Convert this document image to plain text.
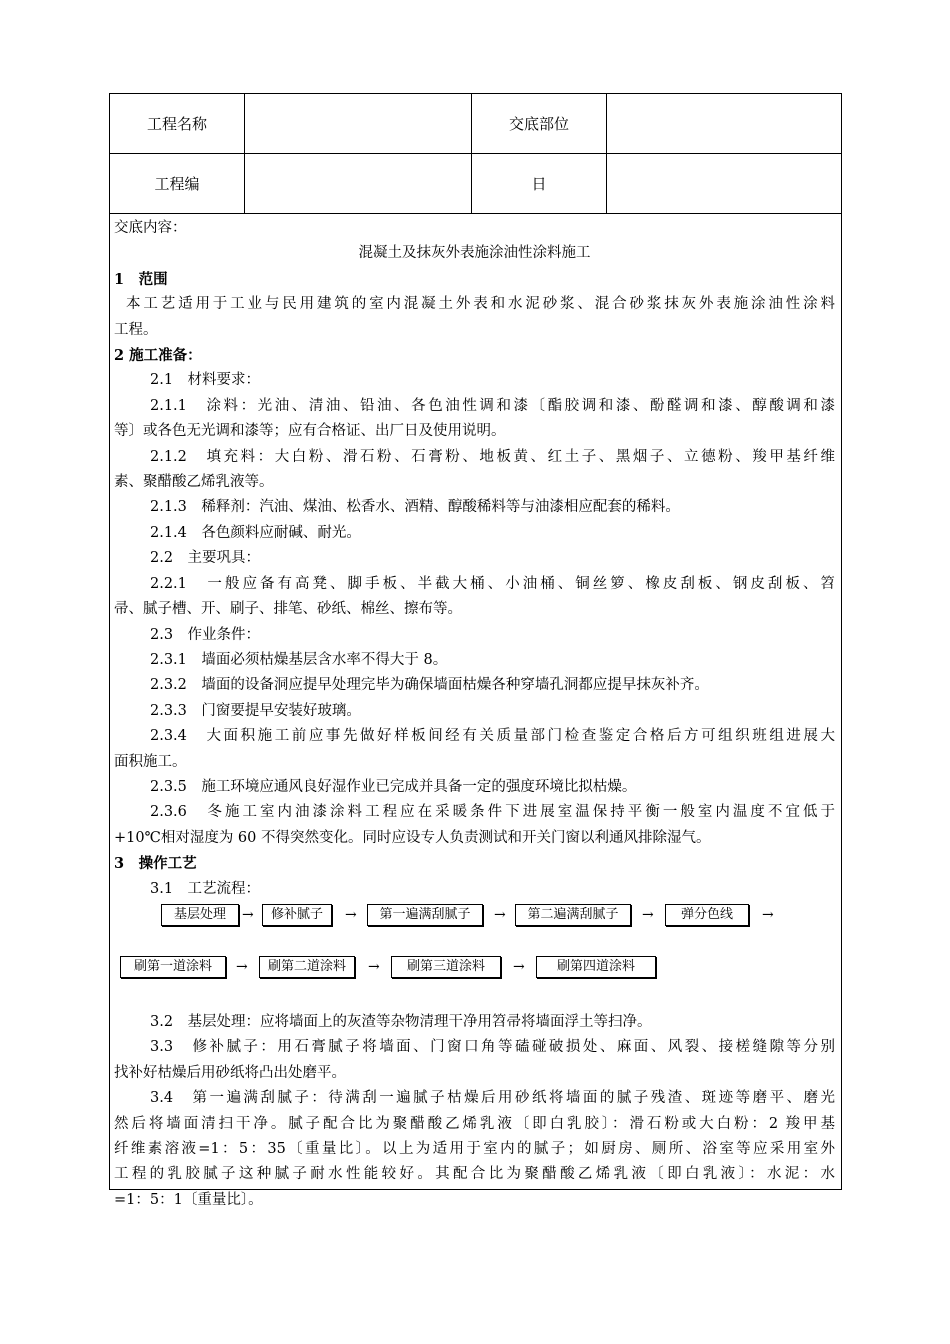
工程名称	交底部位
工程编	日
交底内容：
混凝土及抹灰外表施涂油性涂料施工
1　范围
本工艺适用于工业与民用建筑的室内混凝土外表和水泥砂浆、混合砂浆抹灰外表施涂油性涂料
工程。
2 施工准备：
2.1　材料要求：
2.1.1　涂料：光油、清油、铅油、各色油性调和漆〔酯胶调和漆、酚醛调和漆、醇酸调和漆
等〕或各色无光调和漆等；应有合格证、出厂日及使用说明。
2.1.2　填充料：大白粉、滑石粉、石膏粉、地板黄、红土子、黑烟子、立德粉、羧甲基纤维
素、聚醋酸乙烯乳液等。
2.1.3　稀释剂：汽油、煤油、松香水、酒精、醇酸稀料等与油漆相应配套的稀料。
2.1.4　各色颜料应耐碱、耐光。
2.2　主要巩具：
2.2.1　一般应备有高凳、脚手板、半截大桶、小油桶、铜丝箩、橡皮刮板、钢皮刮板、笤
帚、腻子槽、开、刷子、排笔、砂纸、棉丝、擦布等。
2.3　作业条件：
2.3.1　墙面必须枯燥基层含水率不得大于 8。
2.3.2　墙面的设备洞应提早处理完毕为确保墙面枯燥各种穿墙孔洞都应提早抹灰补齐。
2.3.3　门窗要提早安装好玻璃。
2.3.4　大面积施工前应事先做好样板间经有关质量部门检查鉴定合格后方可组织班组进展大
面积施工。
2.3.5　施工环境应通风良好湿作业已完成并具备一定的强度环境比拟枯燥。
2.3.6　冬施工室内油漆涂料工程应在采暖条件下进展室温保持平衡一般室内温度不宜低于
+10℃相对湿度为 60 不得突然变化。同时应设专人负责测试和开关门窗以利通风排除湿气。
3　操作工艺
3.1　工艺流程：
基层处理	→	修补腻子	→	第一遍满刮腻子	→	第二遍满刮腻子	→	弹分色线	→
刷第一道涂料	→	刷第二道涂料	→	刷第三道涂料	→	刷第四道涂料
3.2　基层处理：应将墙面上的灰渣等杂物清理干净用笤帚将墙面浮土等扫净。
3.3　修补腻子：用石膏腻子将墙面、门窗口角等磕碰破损处、麻面、风裂、接槎缝隙等分别
找补好枯燥后用砂纸将凸出处磨平。
3.4　第一遍满刮腻子：待满刮一遍腻子枯燥后用砂纸将墙面的腻子残渣、斑迹等磨平、磨光
然后将墙面清扫干净。腻子配合比为聚醋酸乙烯乳液〔即白乳胶〕：滑石粉或大白粉：2 羧甲基
纤维素溶液=1：5：35〔重量比〕。以上为适用于室内的腻子；如厨房、厕所、浴室等应采用室外
工程的乳胶腻子这种腻子耐水性能较好。其配合比为聚醋酸乙烯乳液〔即白乳液〕：水泥：水
=1：5：1〔重量比〕。
